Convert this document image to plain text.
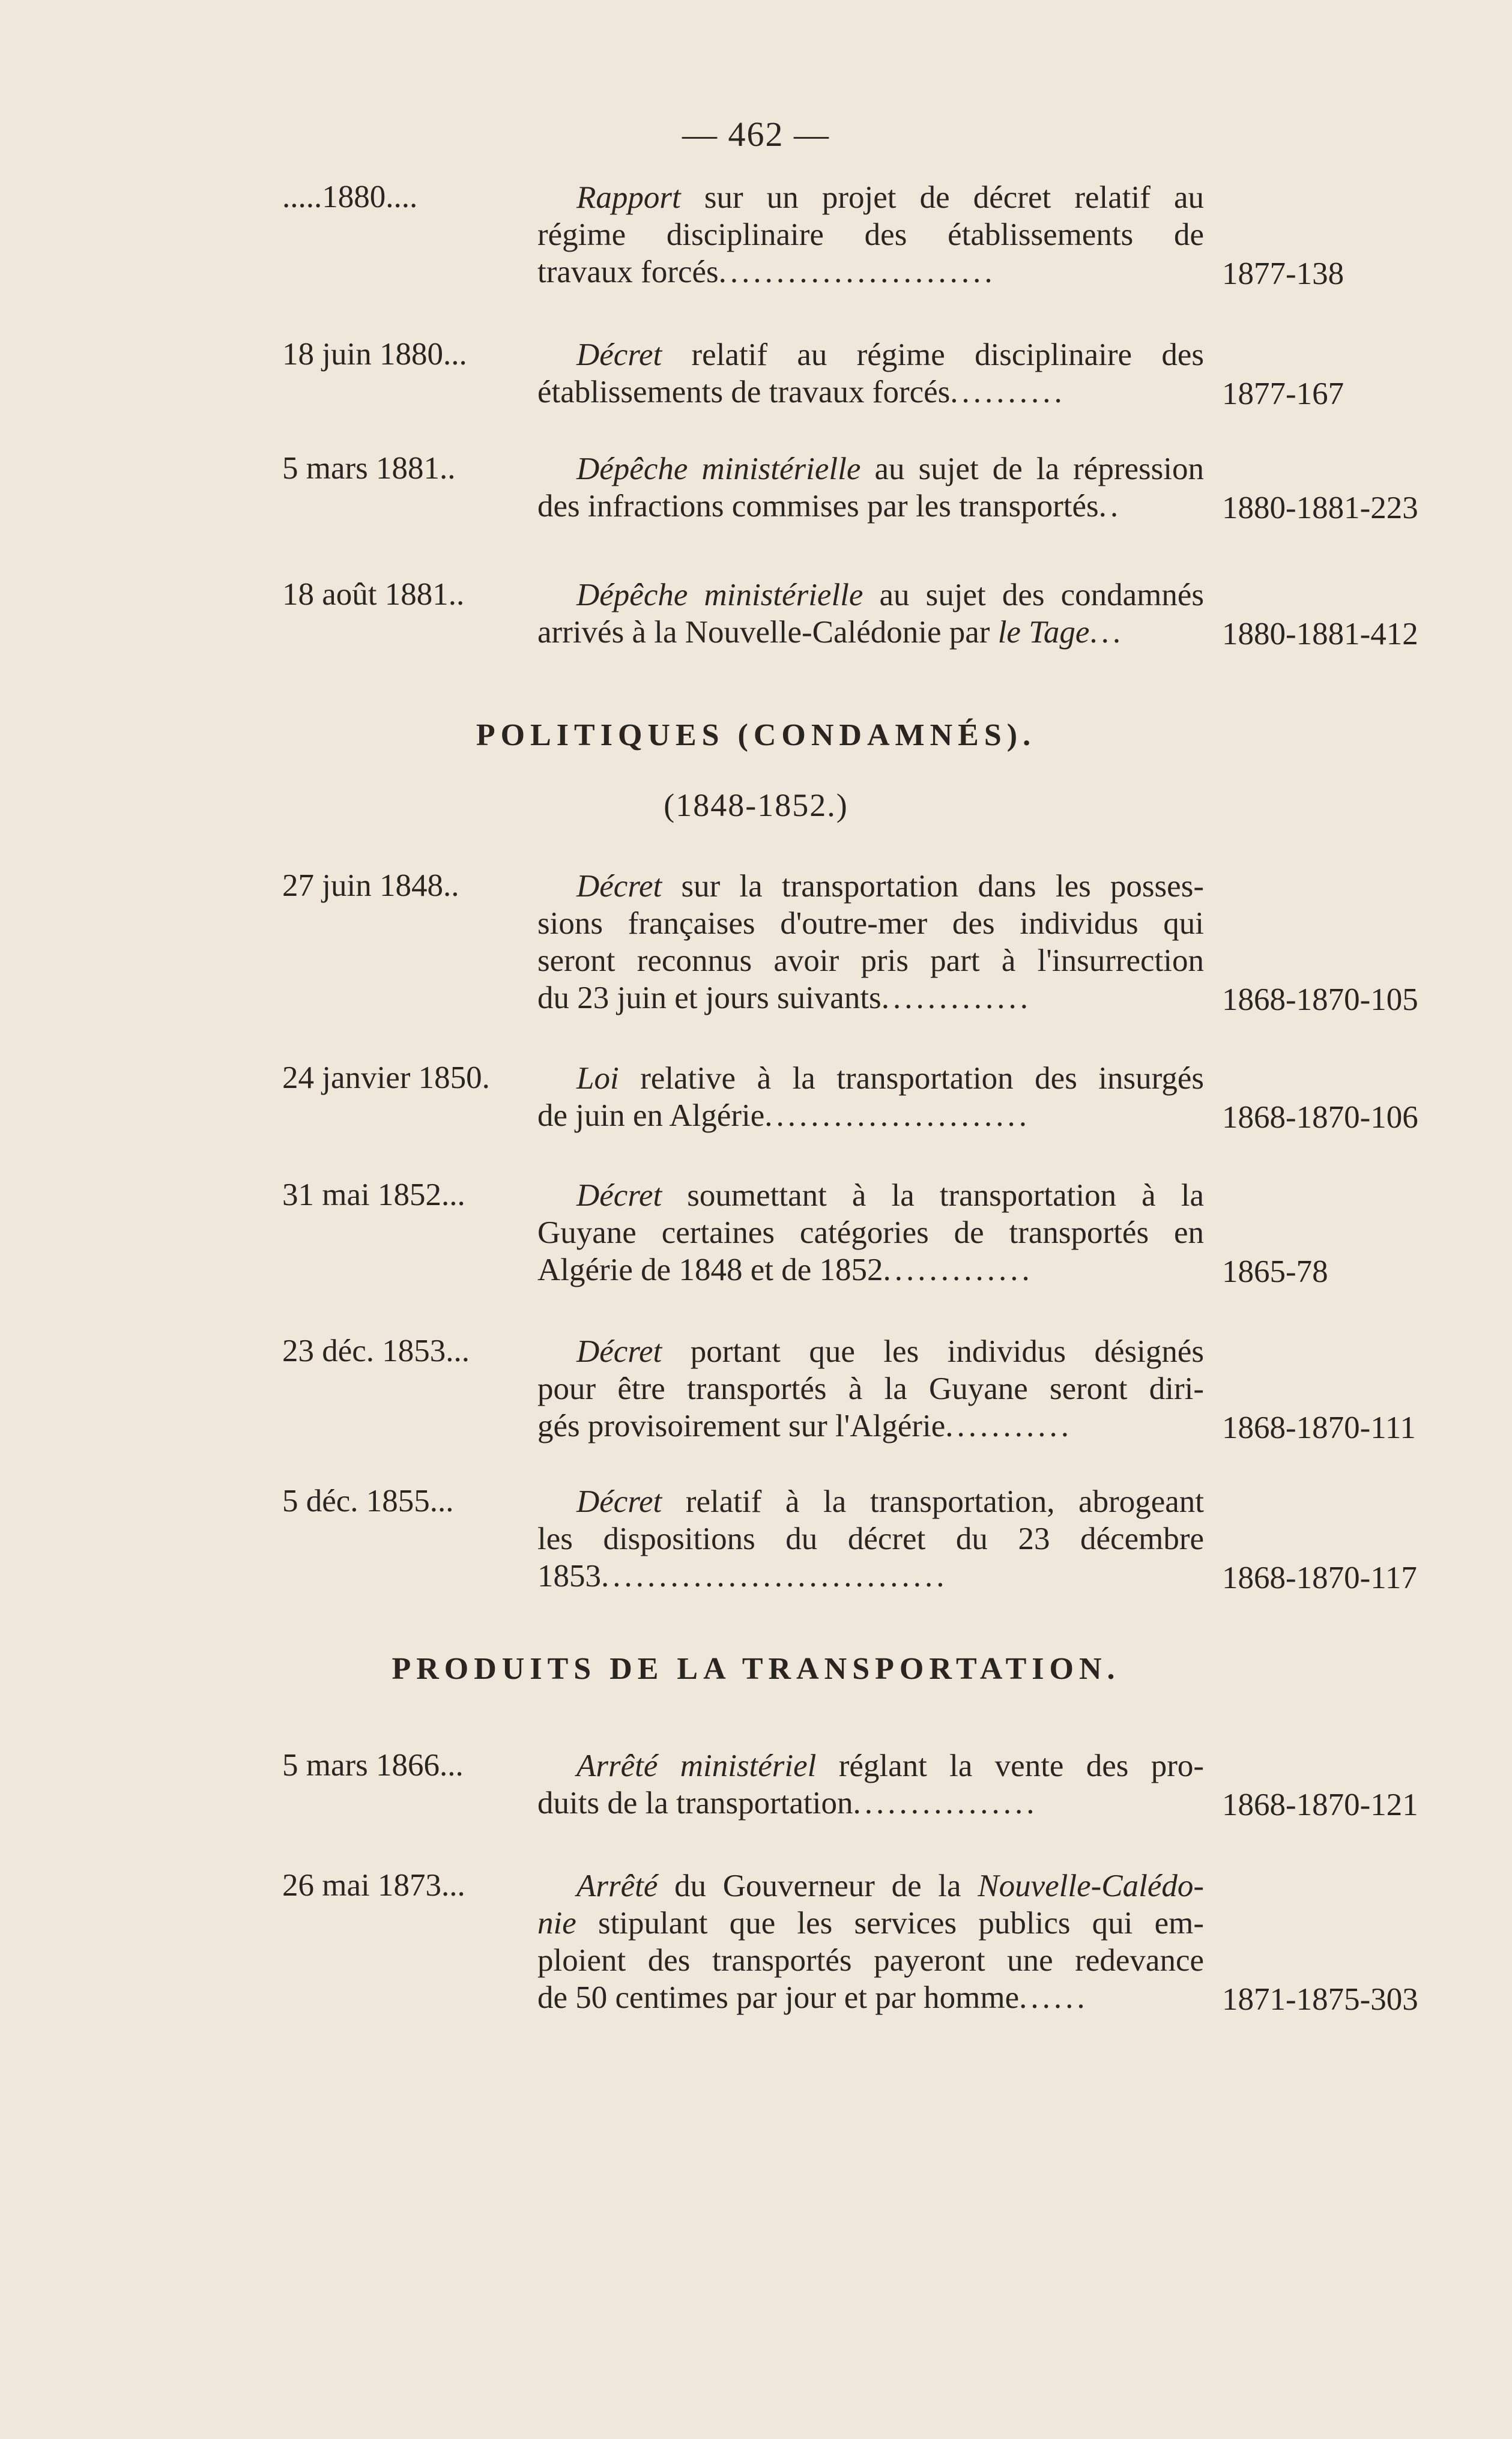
— 462 —
.....1880....	Rapport sur un projet de décret relatif au
régime disciplinaire des établissements de
travaux forcés........................	1877-138
18 juin 1880...	Décret relatif au régime disciplinaire des
établissements de travaux forcés..........	1877-167
5 mars 1881..	Dépêche ministérielle au sujet de la répression
des infractions commises par les transportés..	1880-1881-223
18 août 1881..	Dépêche ministérielle au sujet des condamnés
arrivés à la Nouvelle-Calédonie par le Tage...	1880-1881-412
POLITIQUES (CONDAMNÉS).
(1848-1852.)
27 juin 1848..	Décret sur la transportation dans les posses-
sions françaises d'outre-mer des individus qui
seront reconnus avoir pris part à l'insurrection
du 23 juin et jours suivants.............	1868-1870-105
24 janvier 1850.	Loi relative à la transportation des insurgés
de juin en Algérie.......................	1868-1870-106
31 mai 1852...	Décret soumettant à la transportation à la
Guyane certaines catégories de transportés en
Algérie de 1848 et de 1852.............	1865-78
23 déc. 1853...	Décret portant que les individus désignés
pour être transportés à la Guyane seront diri-
gés provisoirement sur l'Algérie...........	1868-1870-111
5 déc. 1855...	Décret relatif à la transportation, abrogeant
les dispositions du décret du 23 décembre
1853..............................	1868-1870-117
PRODUITS DE LA TRANSPORTATION.
5 mars 1866...	Arrêté ministériel réglant la vente des pro-
duits de la transportation................	1868-1870-121
26 mai 1873...	Arrêté du Gouverneur de la Nouvelle-Calédo-
nie stipulant que les services publics qui em-
ploient des transportés payeront une redevance
de 50 centimes par jour et par homme......	1871-1875-303
